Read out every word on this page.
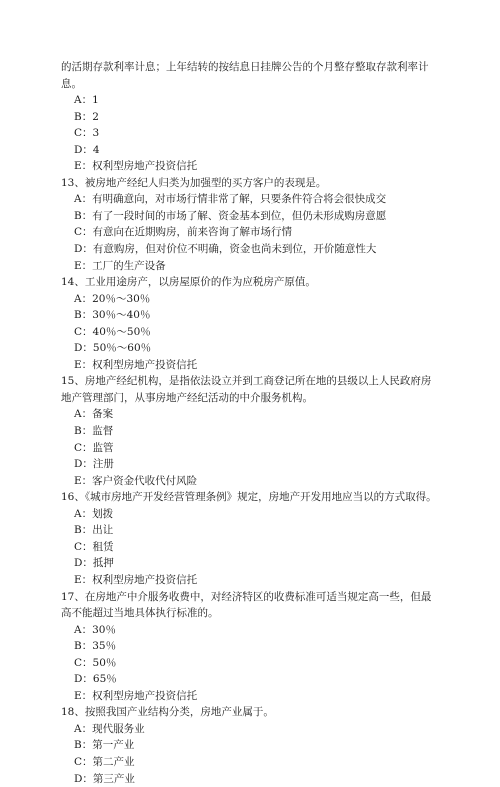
的活期存款利率计息；上年结转的按结息日挂牌公告的个月整存整取存款利率计
息。
A：1
B：2
C：3
D：4
E：权利型房地产投资信托
13、被房地产经纪人归类为加强型的买方客户的表现是。
A：有明确意向，对市场行情非常了解，只要条件符合将会很快成交
B：有了一段时间的市场了解、资金基本到位，但仍未形成购房意愿
C：有意向在近期购房，前来咨询了解市场行情
D：有意购房，但对价位不明确，资金也尚未到位，开价随意性大
E：工厂的生产设备
14、工业用途房产，以房屋原价的作为应税房产原值。
A：20％～30％
B：30％～40％
C：40％～50％
D：50％～60％
E：权利型房地产投资信托
15、房地产经纪机构，是指依法设立并到工商登记所在地的县级以上人民政府房
地产管理部门，从事房地产经纪活动的中介服务机构。
A：备案
B：监督
C：监管
D：注册
E：客户资金代收代付风险
16、《城市房地产开发经营管理条例》规定，房地产开发用地应当以的方式取得。
A：划拨
B：出让
C：租赁
D：抵押
E：权利型房地产投资信托
17、在房地产中介服务收费中，对经济特区的收费标准可适当规定高一些，但最
高不能超过当地具体执行标准的。
A：30％
B：35％
C：50％
D：65％
E：权利型房地产投资信托
18、按照我国产业结构分类，房地产业属于。
A：现代服务业
B：第一产业
C：第二产业
D：第三产业
